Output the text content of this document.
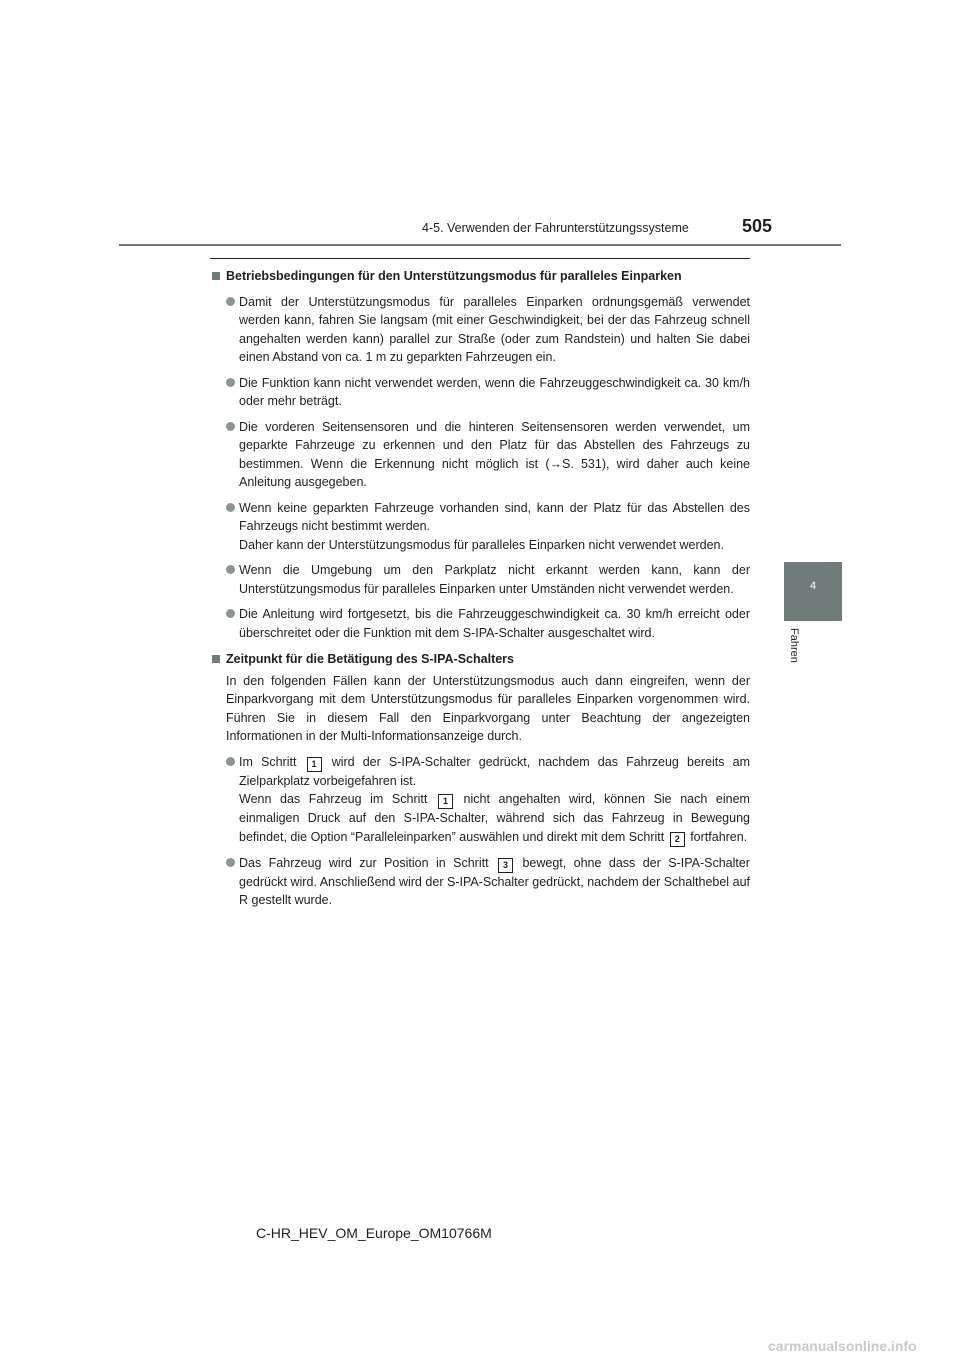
4-5. Verwenden der Fahrunterstützungssysteme	505
4
Fahren
Betriebsbedingungen für den Unterstützungsmodus für paralleles Einparken
Damit der Unterstützungsmodus für paralleles Einparken ordnungsgemäß verwendet werden kann, fahren Sie langsam (mit einer Geschwindigkeit, bei der das Fahrzeug schnell angehalten werden kann) parallel zur Straße (oder zum Randstein) und halten Sie dabei einen Abstand von ca. 1 m zu geparkten Fahrzeugen ein.
Die Funktion kann nicht verwendet werden, wenn die Fahrzeuggeschwindigkeit ca. 30 km/h oder mehr beträgt.
Die vorderen Seitensensoren und die hinteren Seitensensoren werden verwendet, um geparkte Fahrzeuge zu erkennen und den Platz für das Abstellen des Fahrzeugs zu bestimmen. Wenn die Erkennung nicht möglich ist (→S. 531), wird daher auch keine Anleitung ausgegeben.
Wenn keine geparkten Fahrzeuge vorhanden sind, kann der Platz für das Abstellen des Fahrzeugs nicht bestimmt werden.
Daher kann der Unterstützungsmodus für paralleles Einparken nicht verwendet werden.
Wenn die Umgebung um den Parkplatz nicht erkannt werden kann, kann der Unterstützungsmodus für paralleles Einparken unter Umständen nicht verwendet werden.
Die Anleitung wird fortgesetzt, bis die Fahrzeuggeschwindigkeit ca. 30 km/h erreicht oder überschreitet oder die Funktion mit dem S-IPA-Schalter ausgeschaltet wird.
Zeitpunkt für die Betätigung des S-IPA-Schalters

In den folgenden Fällen kann der Unterstützungsmodus auch dann eingreifen, wenn der Einparkvorgang mit dem Unterstützungsmodus für paralleles Einparken vorgenommen wird. Führen Sie in diesem Fall den Einparkvorgang unter Beachtung der angezeigten Informationen in der Multi-Informationsanzeige durch.

Im Schritt 1 wird der S-IPA-Schalter gedrückt, nachdem das Fahrzeug bereits am Zielparkplatz vorbeigefahren ist.
Wenn das Fahrzeug im Schritt 1 nicht angehalten wird, können Sie nach einem einmaligen Druck auf den S-IPA-Schalter, während sich das Fahrzeug in Bewegung befindet, die Option “Paralleleinparken” auswählen und direkt mit dem Schritt 2 fortfahren.
Das Fahrzeug wird zur Position in Schritt 3 bewegt, ohne dass der S-IPA-Schalter gedrückt wird. Anschließend wird der S-IPA-Schalter gedrückt, nachdem der Schalthebel auf R gestellt wurde.
C-HR_HEV_OM_Europe_OM10766M
carmanualsonline.info
